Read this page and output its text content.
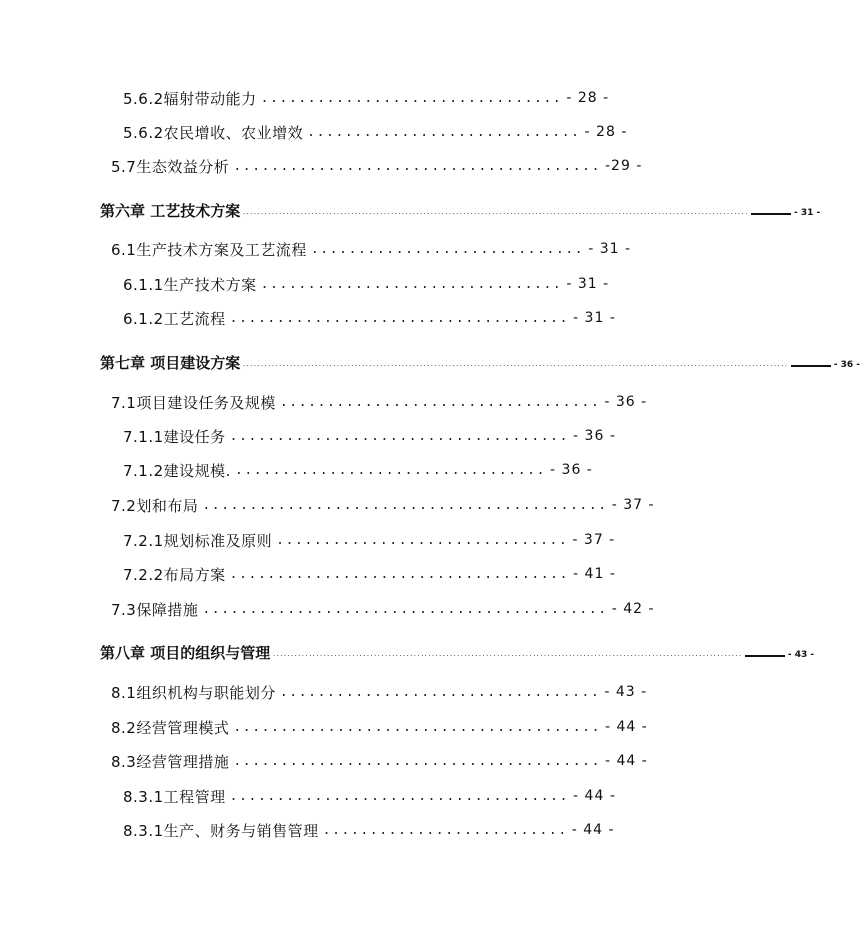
5.6.2辐射带动能力 ................................ - 28 -
5.6.2农民增收、农业增效 ............................. - 28 -
5.7生态效益分析 ....................................... -29 -
第六章 工艺技术方案 ............................................................................................................................................	- 31 -
6.1生产技术方案及工艺流程 ............................. - 31 -
6.1.1生产技术方案 ................................ - 31 -
6.1.2工艺流程 .................................... - 31 -
第七章 项目建设方案 .......................................................................................................................................................	- 36 -
7.1项目建设任务及规模 .................................. - 36 -
7.1.1建设任务 .................................... - 36 -
7.1.2建设规模. ................................. - 36 -
7.2划和布局 ........................................... - 37 -
7.2.1规划标准及原则 ............................... - 37 -
7.2.2布局方案 .................................... - 41 -
7.3保障措施 ........................................... - 42 -
第八章 项目的组织与管理 ..................................................................................................................................	- 43 -
8.1组织机构与职能划分 .................................. - 43 -
8.2经营管理模式 ....................................... - 44 -
8.3经营管理措施 ....................................... - 44 -
8.3.1工程管理 .................................... - 44 -
8.3.1生产、财务与销售管理 .......................... - 44 -
